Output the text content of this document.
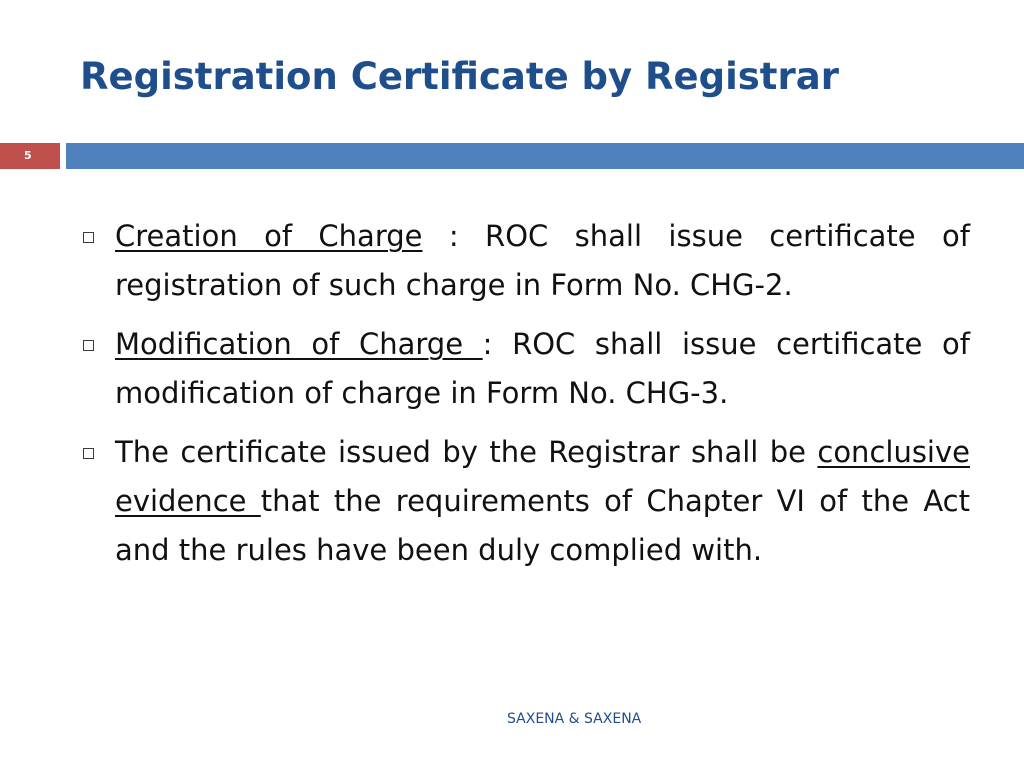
Registration Certificate by Registrar
5
Creation of Charge : ROC shall issue certificate of registration of such charge in Form No. CHG-2.
Modification of Charge : ROC shall issue certificate of modification of charge in Form No. CHG-3.
The certificate issued by the Registrar shall be conclusive evidence that the requirements of Chapter VI of the Act and the rules have been duly complied with.
SAXENA & SAXENA
